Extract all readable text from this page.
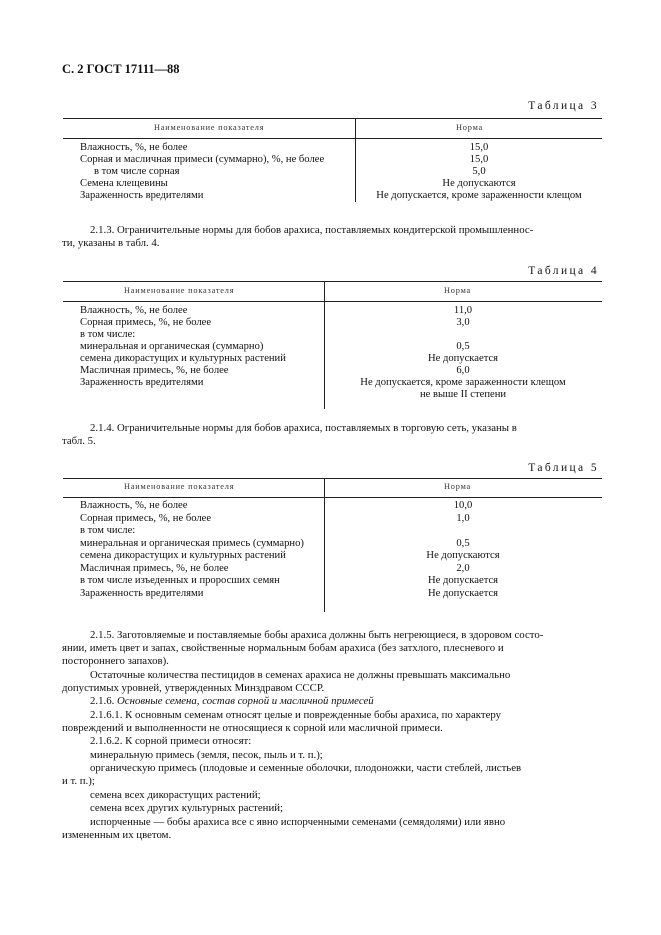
С. 2 ГОСТ 17111—88
Таблица 3
Наименование показателя	Норма
Влажность, %, не более	15,0
Сорная и масличная примеси (суммарно), %, не более	15,0
в том числе сорная	5,0
Семена клещевины	Не допускаются
Зараженность вредителями	Не допускается, кроме зараженности клещом
2.1.3. Ограничительные нормы для бобов арахиса, поставляемых кондитерской промышленнос-
ти, указаны в табл. 4.
Таблица 4
Наименование показателя	Норма
Влажность, %, не более	11,0
Сорная примесь, %, не более	3,0
в том числе:
минеральная и органическая (суммарно)	0,5
семена дикорастущих и культурных растений	Не допускается
Масличная примесь, %, не более	6,0
Зараженность вредителями	Не допускается, кроме зараженности клещом
не выше II степени
2.1.4. Ограничительные нормы для бобов арахиса, поставляемых в торговую сеть, указаны в
табл. 5.
Таблица 5
Наименование показателя	Норма
Влажность, %, не более	10,0
Сорная примесь, %, не более	1,0
в том числе:
минеральная и органическая примесь (суммарно)	0,5
семена дикорастущих и культурных растений	Не допускаются
Масличная примесь, %, не более	2,0
в том числе изъеденных и проросших семян	Не допускается
Зараженность вредителями	Не допускается
2.1.5. Заготовляемые и поставляемые бобы арахиса должны быть негреющиеся, в здоровом состо-
янии, иметь цвет и запах, свойственные нормальным бобам арахиса (без затхлого, плесневого и
постороннего запахов).
Остаточные количества пестицидов в семенах арахиса не должны превышать максимально
допустимых уровней, утвержденных Минздравом СССР.
2.1.6. Основные семена, состав сорной и масличной примесей
2.1.6.1. К основным семенам относят целые и поврежденные бобы арахиса, по характеру
повреждений и выполненности не относящиеся к сорной или масличной примеси.
2.1.6.2. К сорной примеси относят:
минеральную примесь (земля, песок, пыль и т. п.);
органическую примесь (плодовые и семенные оболочки, плодоножки, части стеблей, листьев
и т. п.);
семена всех дикорастущих растений;
семена всех других культурных растений;
испорченные — бобы арахиса все с явно испорченными семенами (семядолями) или явно
измененным их цветом.
